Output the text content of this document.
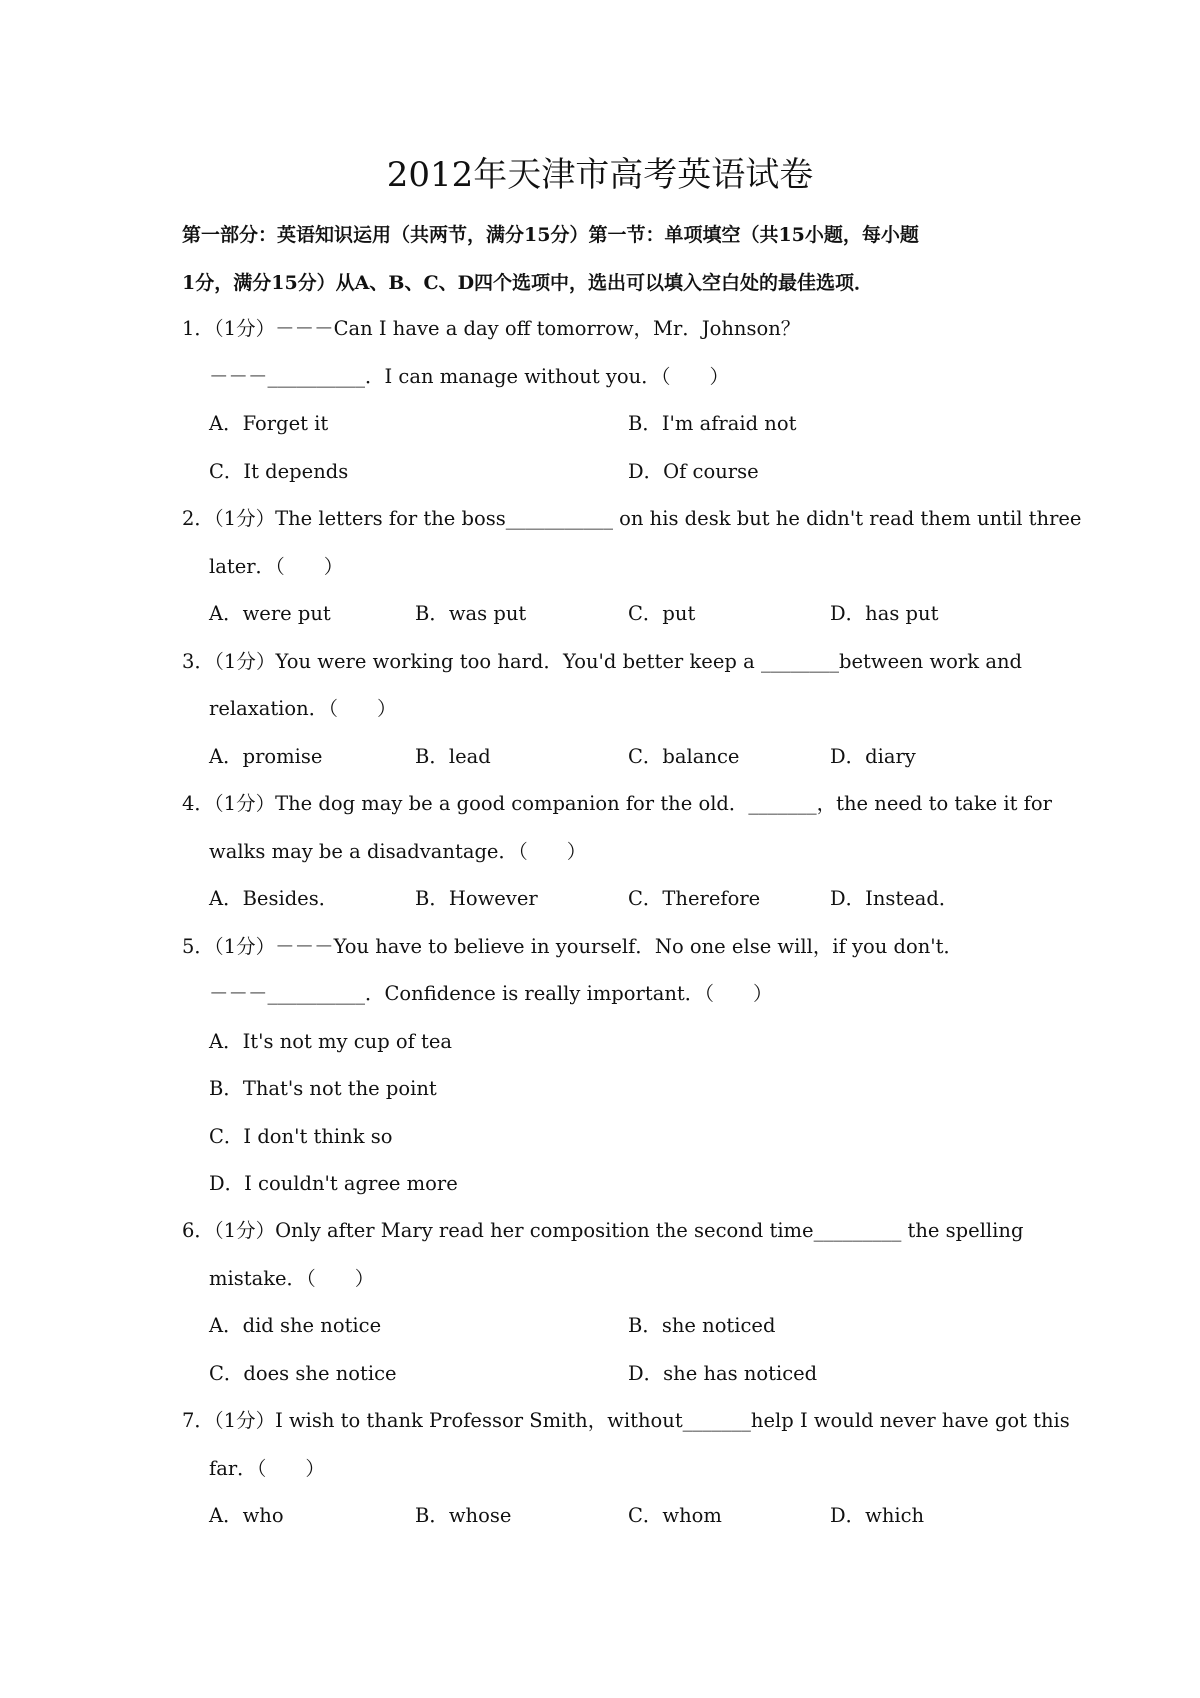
2012年天津市高考英语试卷
第一部分：英语知识运用（共两节，满分15分）第一节：单项填空（共15小题，每小题
1分，满分15分）从A、B、C、D四个选项中，选出可以填入空白处的最佳选项．
1．（1分）－－－Can I have a day off tomorrow，Mr．Johnson？
－－－__________．I can manage without you．（　　）
A．Forget it	B．I'm afraid not
C．It depends	D．Of course
2．（1分）The letters for the boss___________ on his desk but he didn't read them until three
later．（　　）
A．were put	B．was put	C．put	D．has put
3．（1分）You were working too hard．You'd better keep a ________between work and
relaxation．（　　）
A．promise	B．lead	C．balance	D．diary
4．（1分）The dog may be a good companion for the old．_______，the need to take it for
walks may be a disadvantage．（　　）
A．Besides．	B．However	C．Therefore	D．Instead．
5．（1分）－－－You have to believe in yourself．No one else will，if you don't．
－－－__________．Confidence is really important．（　　）
A．It's not my cup of tea
B．That's not the point
C．I don't think so
D．I couldn't agree more
6．（1分）Only after Mary read her composition the second time_________ the spelling
mistake．（　　）
A．did she notice	B．she noticed
C．does she notice	D．she has noticed
7．（1分）I wish to thank Professor Smith，without_______help I would never have got this
far．（　　）
A．who	B．whose	C．whom	D．which
